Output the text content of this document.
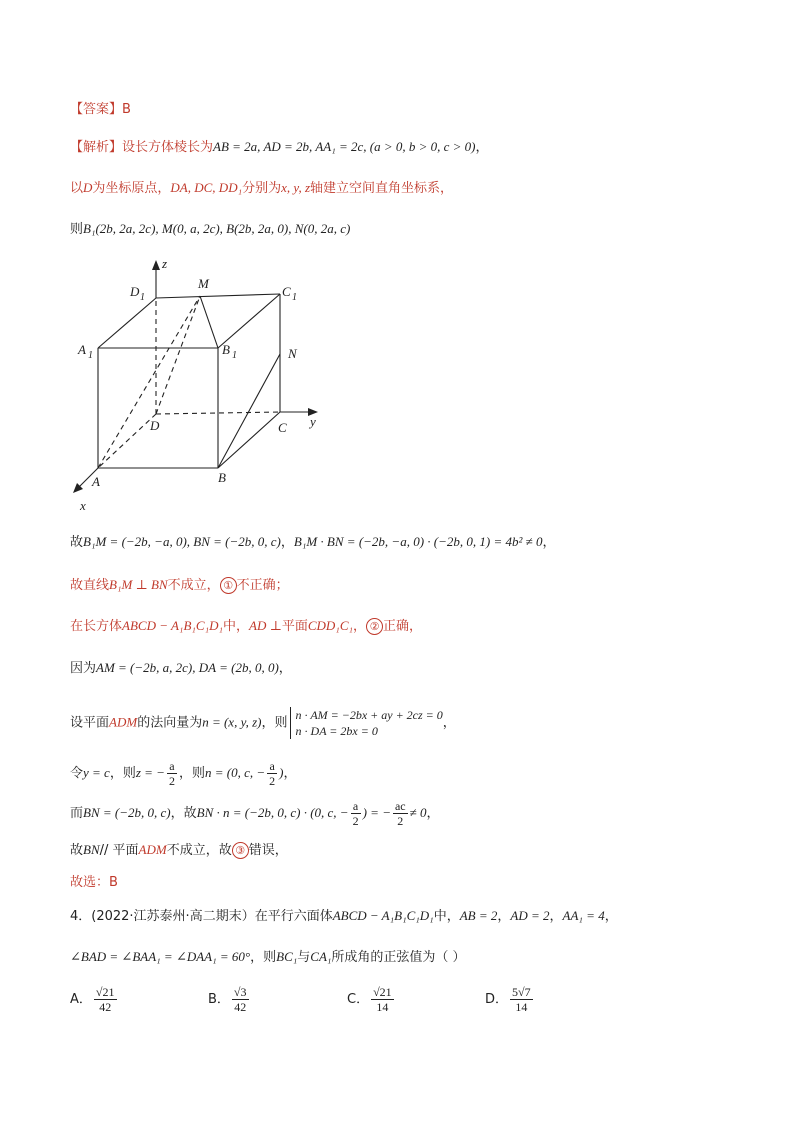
【答案】B
【解析】设长方体棱长为AB = 2a, AD = 2b, AA₁ = 2c, (a > 0, b > 0, c > 0)，
以D为坐标原点，DA, DC, DD₁分别为x, y, z轴建立空间直角坐标系，
则B₁(2b, 2a, 2c), M(0, a, 2c), B(2b, 2a, 0), N(0, 2a, c)
z
D 1
M
C 1
A 1	B 1	N
D	C y
A	B
x
故B₁M = (−2b, −a, 0), BN = (−2b, 0, c)，B₁M · BN = (−2b, −a, 0) · (−2b, 0, 1) = 4b² ≠ 0，
故直线B₁M ⊥ BN不成立， ① 不正确；
在长方体ABCD − A₁B₁C₁D₁中，AD ⊥平面CDD₁C₁， ② 正确，
因为AM = (−2b, a, 2c), DA = (2b, 0, 0)，
设平面ADM的法向量为n = (x, y, z)，则
n · AM = −2bx + ay + 2cz = 0
n · DA = 2bx = 0
，
令y = c，则z = − $\frac{a}{2}$ ，则n = (0, c, − $\frac{a}{2}$ )，
而BN = (−2b, 0, c)，故BN · n = (−2b, 0, c) · (0, c, − $\frac{a}{2}$ ) = − $\frac{ac}{2} \ne 0$，
故BN// 平面ADM不成立，故 ③ 错误，
故选：B
4．(2022·江苏泰州·高二期末）在平行六面体ABCD − A₁B₁C₁D₁中，AB = 2，AD = 2，AA₁ = 4，
∠BAD = ∠BAA₁ = ∠DAA₁ = 60°，则BC₁与CA₁所成角的正弦值为（ ）
A． $\frac{√21}{42}$	B． $\frac{√3}{42}$	C． $\frac{√21}{14}$	D． $\frac{5√7}{14}$
